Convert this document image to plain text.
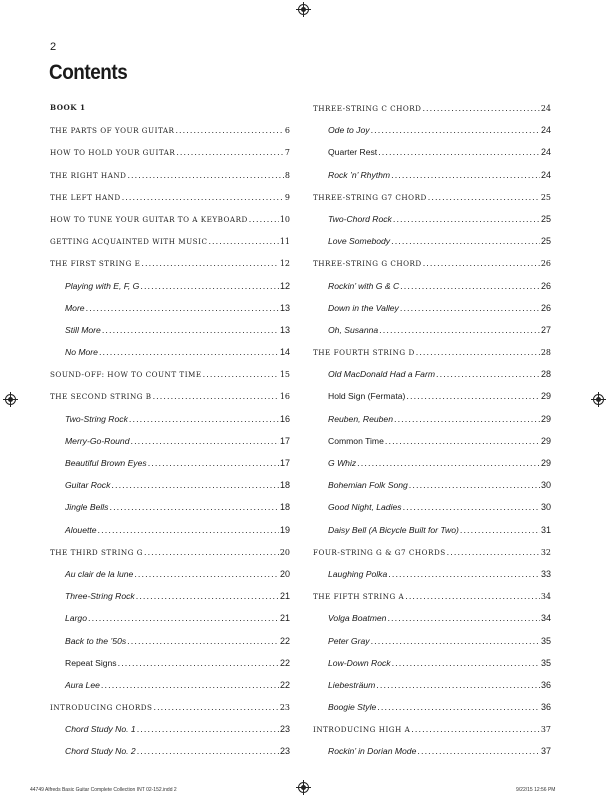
2
Contents
BOOK 1
THE PARTS OF YOUR GUITAR .....	6
HOW TO HOLD YOUR GUITAR .....	7
THE RIGHT HAND .....	8
THE LEFT HAND .....	9
HOW TO TUNE YOUR GUITAR TO A KEYBOARD .....	10
GETTING ACQUAINTED WITH MUSIC .....	11
THE FIRST STRING E .....	12
Playing with E, F, G .....	12
More .....	13
Still More .....	13
No More .....	14
SOUND-OFF: HOW TO COUNT TIME .....	15
THE SECOND STRING B .....	16
Two-String Rock .....	16
Merry-Go-Round .....	17
Beautiful Brown Eyes .....	17
Guitar Rock .....	18
Jingle Bells .....	18
Alouette .....	19
THE THIRD STRING G .....	20
Au clair de la lune .....	20
Three-String Rock .....	21
Largo .....	21
Back to the ’50s .....	22
Repeat Signs .....	22
Aura Lee .....	22
INTRODUCING CHORDS .....	23
Chord Study No. 1 .....	23
Chord Study No. 2 .....	23
THREE-STRING C CHORD .....	24
Ode to Joy .....	24
Quarter Rest .....	24
Rock ’n’ Rhythm .....	24
THREE-STRING G7 CHORD .....	25
Two-Chord Rock .....	25
Love Somebody .....	25
THREE-STRING G CHORD .....	26
Rockin’ with G & C .....	26
Down in the Valley .....	26
Oh, Susanna .....	27
THE FOURTH STRING D .....	28
Old MacDonald Had a Farm .....	28
Hold Sign (Fermata) .....	29
Reuben, Reuben .....	29
Common Time .....	29
G Whiz .....	29
Bohemian Folk Song .....	30
Good Night, Ladies .....	30
Daisy Bell (A Bicycle Built for Two) .....	31
FOUR-STRING G & G7 CHORDS .....	32
Laughing Polka .....	33
THE FIFTH STRING A .....	34
Volga Boatmen .....	34
Peter Gray .....	35
Low-Down Rock .....	35
Liebesträum .....	36
Boogie Style .....	36
INTRODUCING HIGH A .....	37
Rockin’ in Dorian Mode .....	37
44749 Alfreds Basic Guitar Complete Collection INT 02-152.indd 2	9/22/15 12:56 PM
